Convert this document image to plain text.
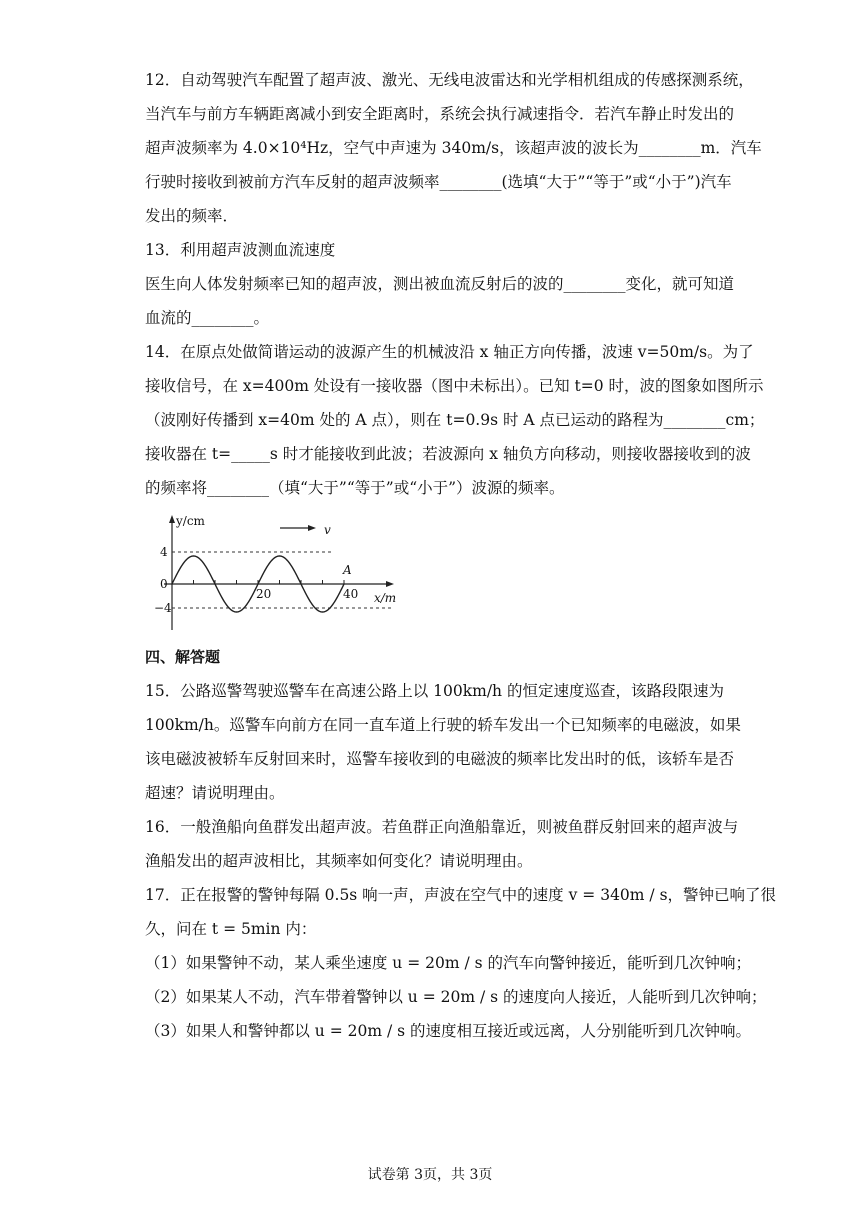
12．自动驾驶汽车配置了超声波、激光、无线电波雷达和光学相机组成的传感探测系统，
当汽车与前方车辆距离减小到安全距离时，系统会执行减速指令．若汽车静止时发出的
超声波频率为 4.0×10⁴Hz，空气中声速为 340m/s，该超声波的波长为________m．汽车
行驶时接收到被前方汽车反射的超声波频率________(选填“大于”“等于”或“小于”)汽车
发出的频率．
13．利用超声波测血流速度
医生向人体发射频率已知的超声波，测出被血流反射后的波的________变化，就可知道
血流的________。
14．在原点处做简谐运动的波源产生的机械波沿 x 轴正方向传播，波速 v=50m/s。为了
接收信号，在 x=400m 处设有一接收器（图中未标出）。已知 t=0 时，波的图象如图所示
（波刚好传播到 x=40m 处的 A 点），则在 t=0.9s 时 A 点已运动的路程为________cm；
接收器在 t=_____s 时才能接收到此波；若波源向 x 轴负方向移动，则接收器接收到的波
的频率将________（填“大于”“等于”或“小于”）波源的频率。
y/cm
x/m
v
A
4
0
−4
20	40
四、解答题
15．公路巡警驾驶巡警车在高速公路上以 100km/h 的恒定速度巡查，该路段限速为
100km/h。巡警车向前方在同一直车道上行驶的轿车发出一个已知频率的电磁波，如果
该电磁波被轿车反射回来时，巡警车接收到的电磁波的频率比发出时的低，该轿车是否
超速？请说明理由。
16．一般渔船向鱼群发出超声波。若鱼群正向渔船靠近，则被鱼群反射回来的超声波与
渔船发出的超声波相比，其频率如何变化？请说明理由。
17．正在报警的警钟每隔 0.5s 响一声，声波在空气中的速度 v = 340m / s，警钟已响了很
久，问在 t = 5min 内：
（1）如果警钟不动，某人乘坐速度 u = 20m / s 的汽车向警钟接近，能听到几次钟响；
（2）如果某人不动，汽车带着警钟以 u = 20m / s 的速度向人接近，人能听到几次钟响；
（3）如果人和警钟都以 u = 20m / s 的速度相互接近或远离，人分别能听到几次钟响。
试卷第 3页，共 3页
